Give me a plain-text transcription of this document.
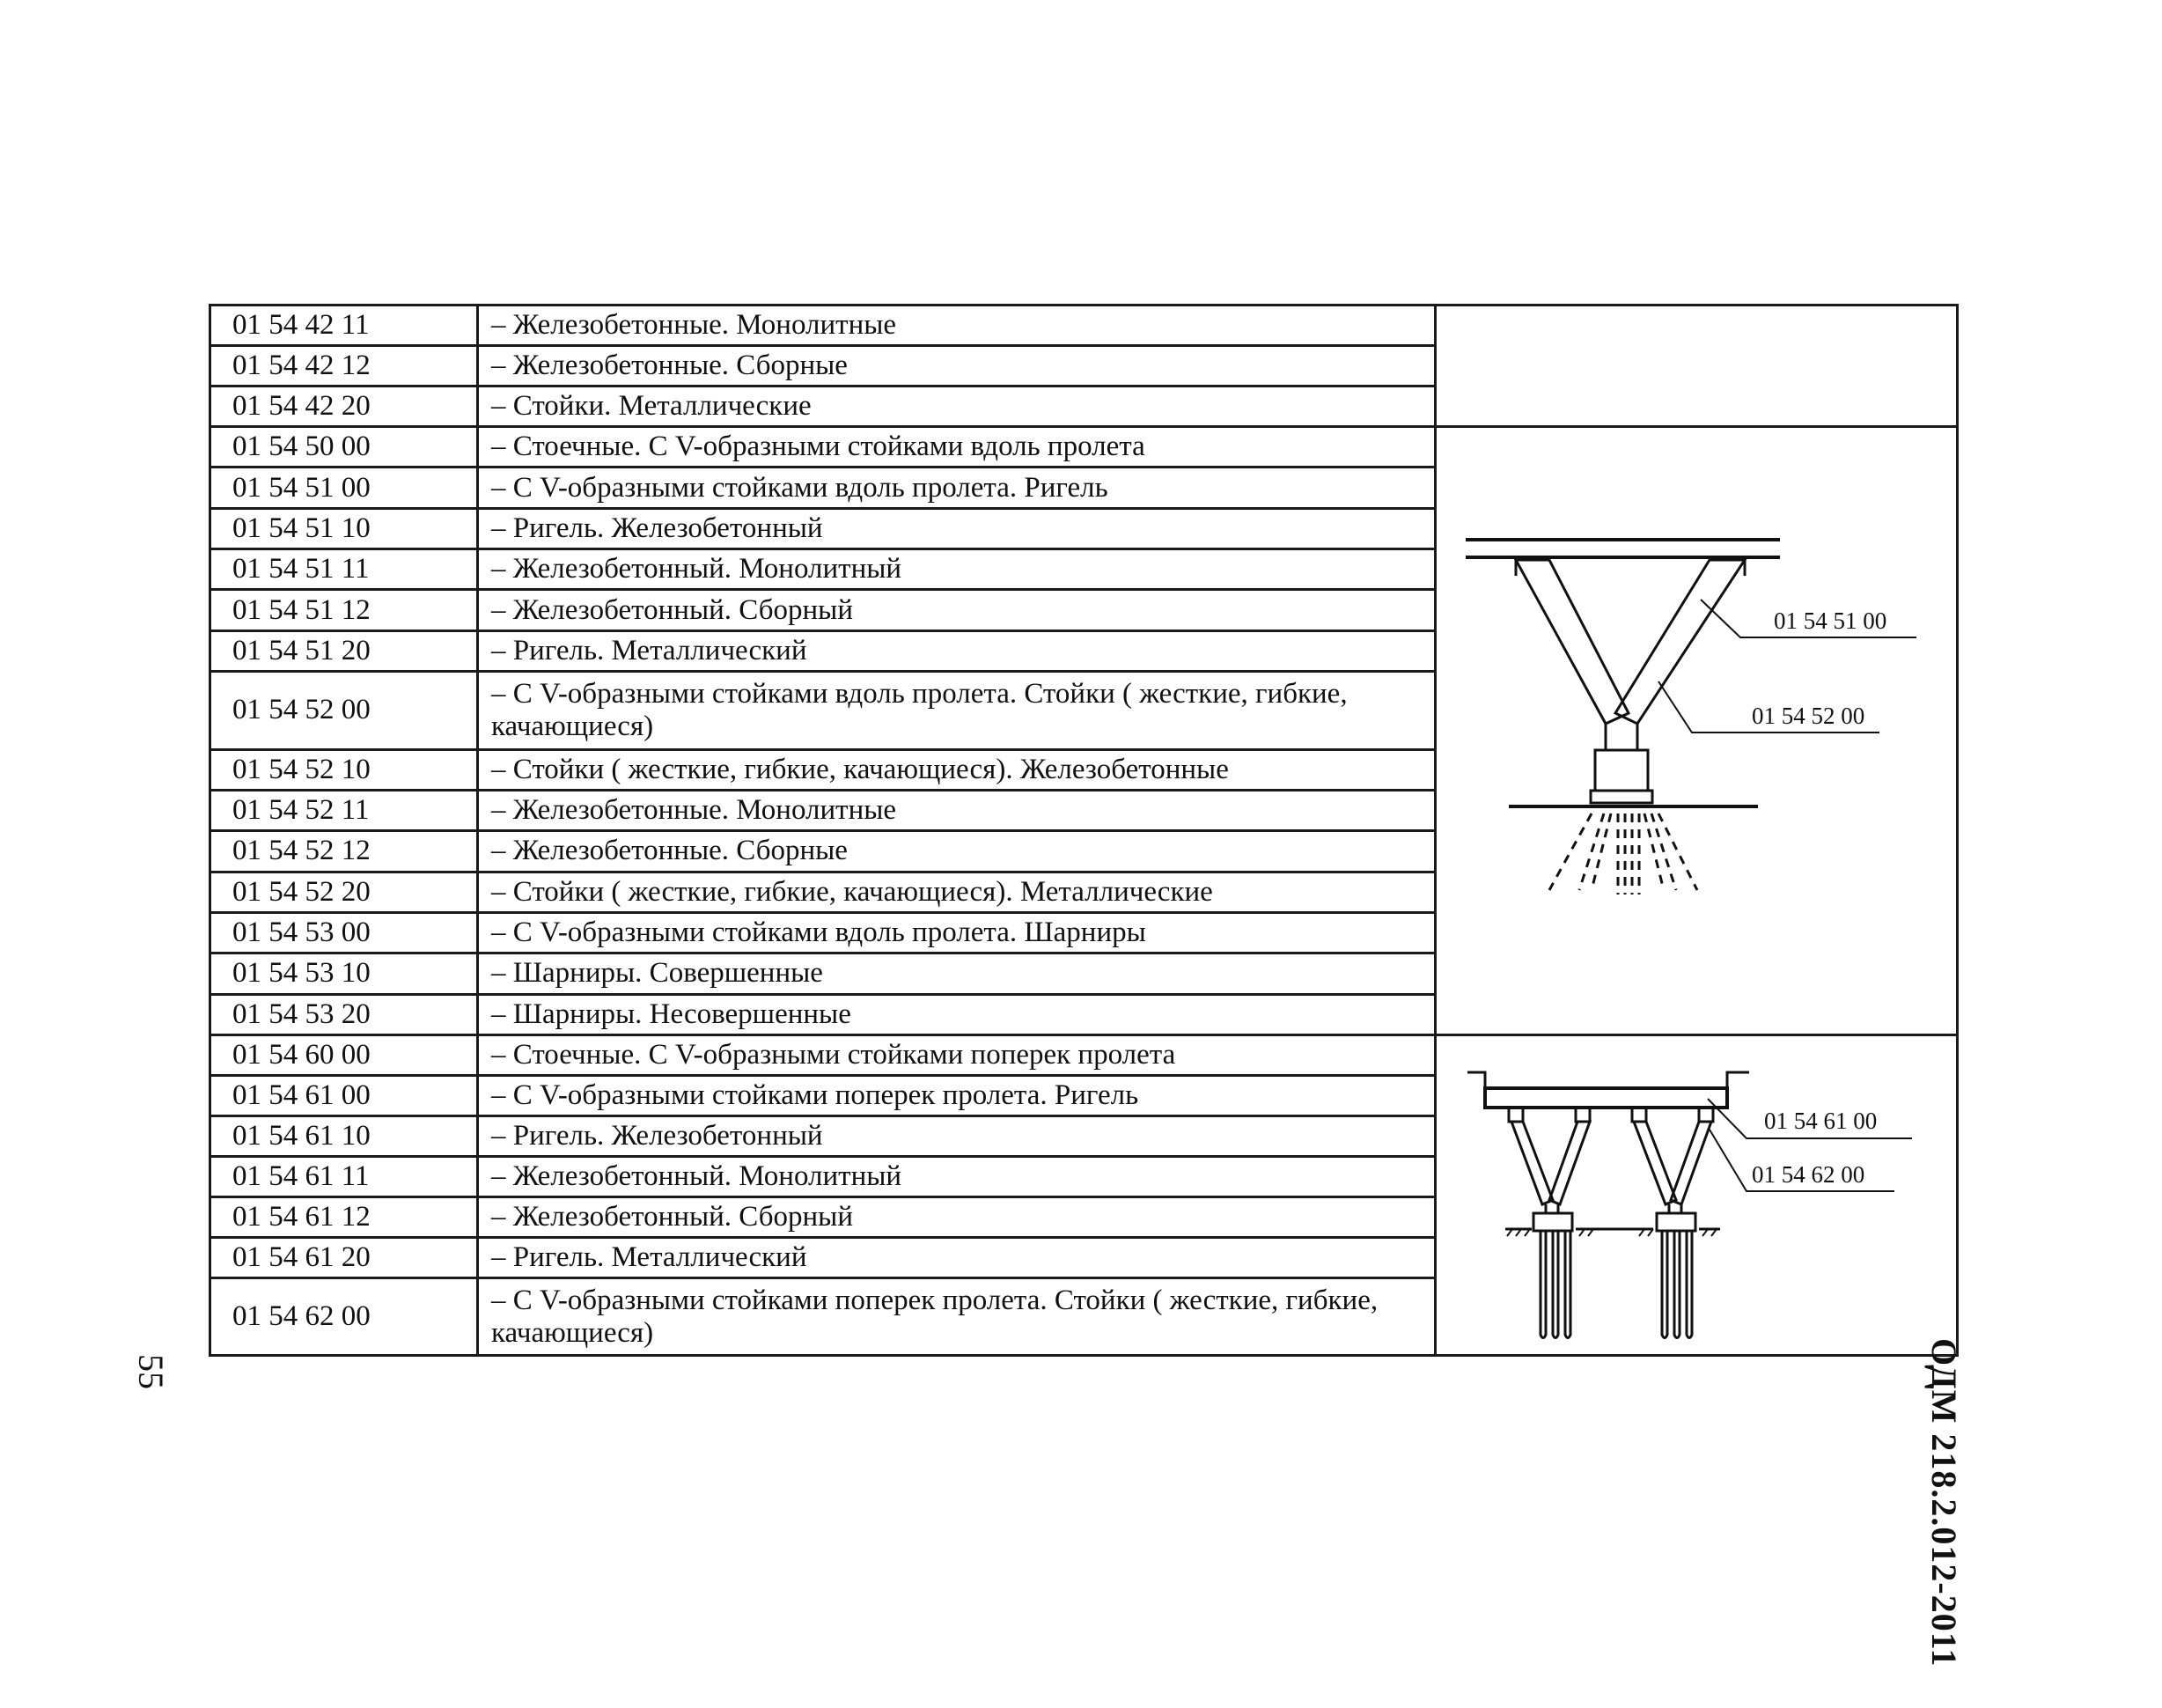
01 54 42 11	– Железобетонные. Монолитные	
01 54 42 12	– Железобетонные. Сборные	
01 54 42 20	– Стойки. Металлические	
01 54 50 00	– Стоечные. С V-образными стойками вдоль пролета	01 54 51 00
01 54 52 00

01 54 51 00	– С V-образными стойками вдоль пролета. Ригель	
01 54 51 10	– Ригель. Железобетонный	
01 54 51 11	– Железобетонный. Монолитный	
01 54 51 12	– Железобетонный. Сборный	
01 54 51 20	– Ригель. Металлический	
01 54 52 00	– С V-образными стойками вдоль пролета. Стойки ( жесткие, гибкие, качающиеся)	
01 54 52 10	– Стойки ( жесткие, гибкие, качающиеся). Железобетонные	
01 54 52 11	– Железобетонные. Монолитные	
01 54 52 12	– Железобетонные. Сборные	
01 54 52 20	– Стойки ( жесткие, гибкие, качающиеся). Металлические	
01 54 53 00	– С V-образными стойками вдоль пролета. Шарниры	
01 54 53 10	– Шарниры. Совершенные	
01 54 53 20	– Шарниры. Несовершенные	
01 54 60 00	– Стоечные. С V-образными стойками поперек пролета	01 54 61 00
01 54 62 00

01 54 61 00	– С V-образными стойками поперек пролета. Ригель	
01 54 61 10	– Ригель. Железобетонный	
01 54 61 11	– Железобетонный. Монолитный	
01 54 61 12	– Железобетонный. Сборный	
01 54 61 20	– Ригель. Металлический	
01 54 62 00	– С V-образными стойками поперек пролета. Стойки ( жесткие, гибкие, качающиеся)	
ОДМ 218.2.012-2011
55
